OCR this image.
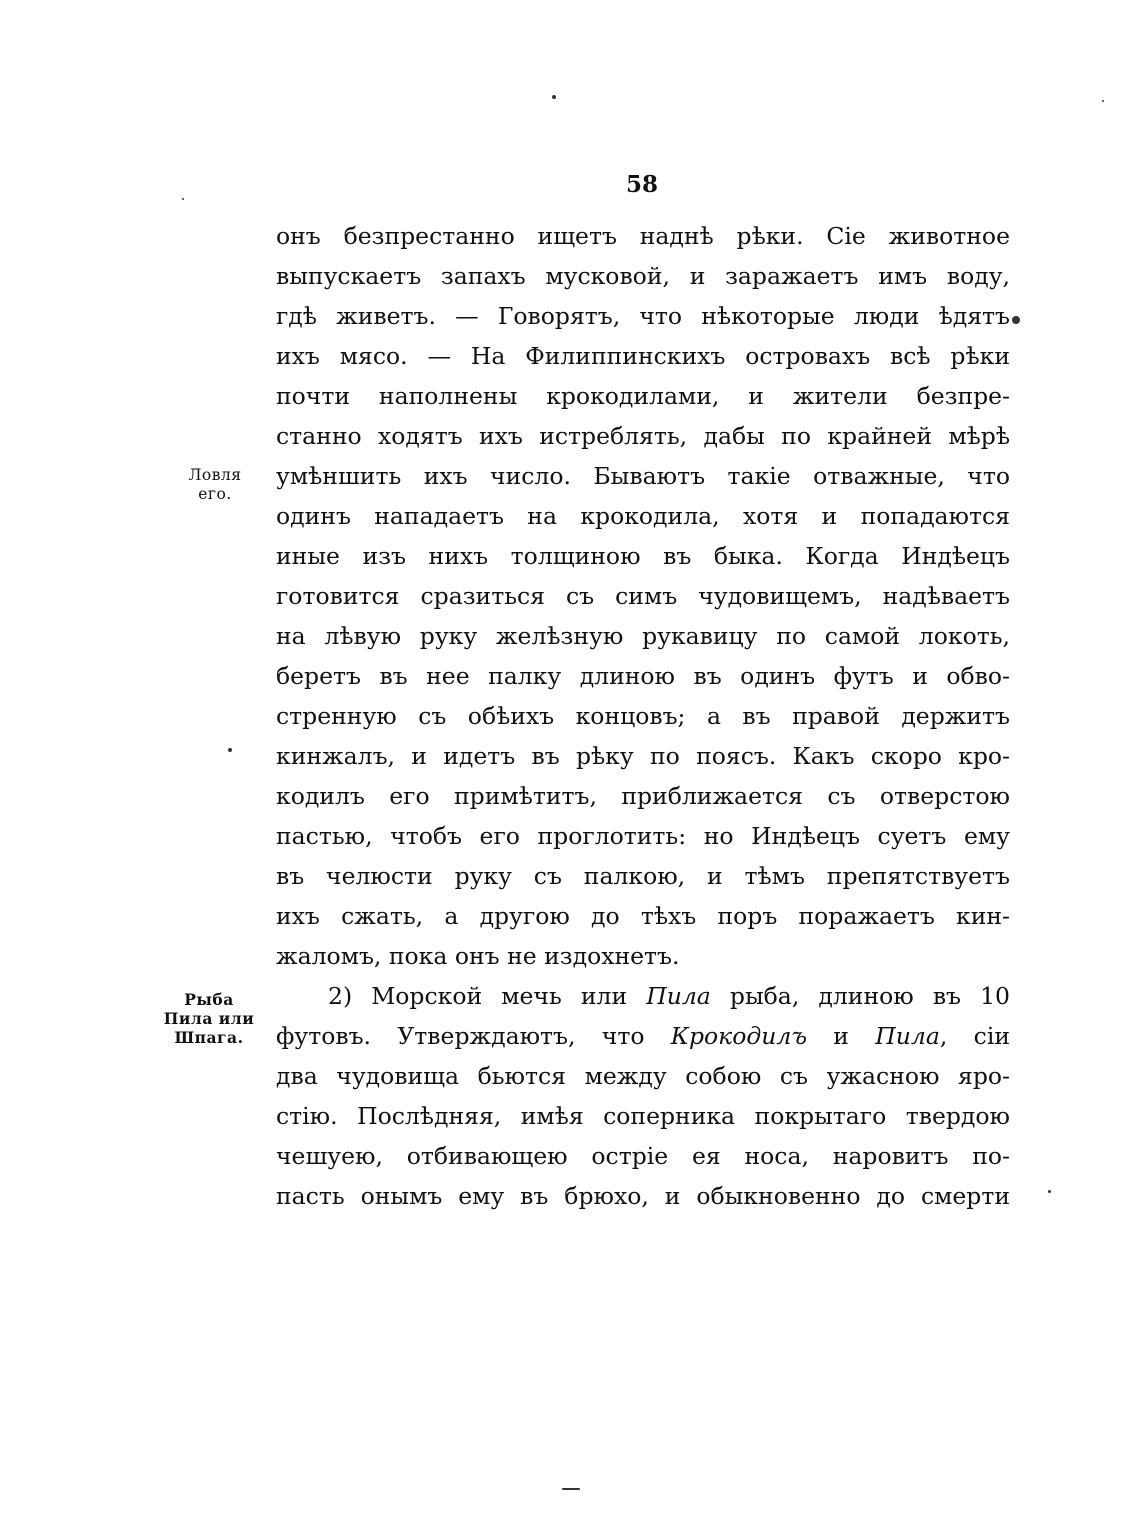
58
Ловля
его.
Рыба
Пила или
Шпага.
онъ безпрестанно ищетъ наднѣ рѣки. Сіе животное
выпускаетъ запахъ мусковой, и заражаетъ имъ воду,
гдѣ живетъ. — Говорятъ, что нѣкоторые люди ѣдятъ
ихъ мясо. — На Филиппинскихъ островахъ всѣ рѣки
почти наполнены крокодилами, и жители безпре-
станно ходятъ ихъ истреблять, дабы по крайней мѣрѣ
умѣншить ихъ число. Бываютъ такіе отважные, что
одинъ нападаетъ на крокодила, хотя и попадаются
иные изъ нихъ толщиною въ быка. Когда Индѣецъ
готовится сразиться съ симъ чудовищемъ, надѣваетъ
на лѣвую руку желѣзную рукавицу по самой локоть,
беретъ въ нее палку длиною въ одинъ футъ и обво-
стренную съ обѣихъ концовъ; а въ правой держитъ
кинжалъ, и идетъ въ рѣку по поясъ. Какъ скоро кро-
кодилъ его примѣтитъ, приближается съ отверстою
пастью, чтобъ его проглотить: но Индѣецъ суетъ ему
въ челюсти руку съ палкою, и тѣмъ препятствуетъ
ихъ сжать, а другою до тѣхъ поръ поражаетъ кин-
жаломъ, пока онъ не издохнетъ.
2) Морской мечь или Пила рыба, длиною въ 10
футовъ. Утверждаютъ, что Крокодилъ и Пила, сіи
два чудовища бьются между собою съ ужасною яро-
стію. Послѣдняя, имѣя соперника покрытаго твердою
чешуею, отбивающею остріе ея носа, наровитъ по-
пасть онымъ ему въ брюхо, и обыкновенно до смерти
